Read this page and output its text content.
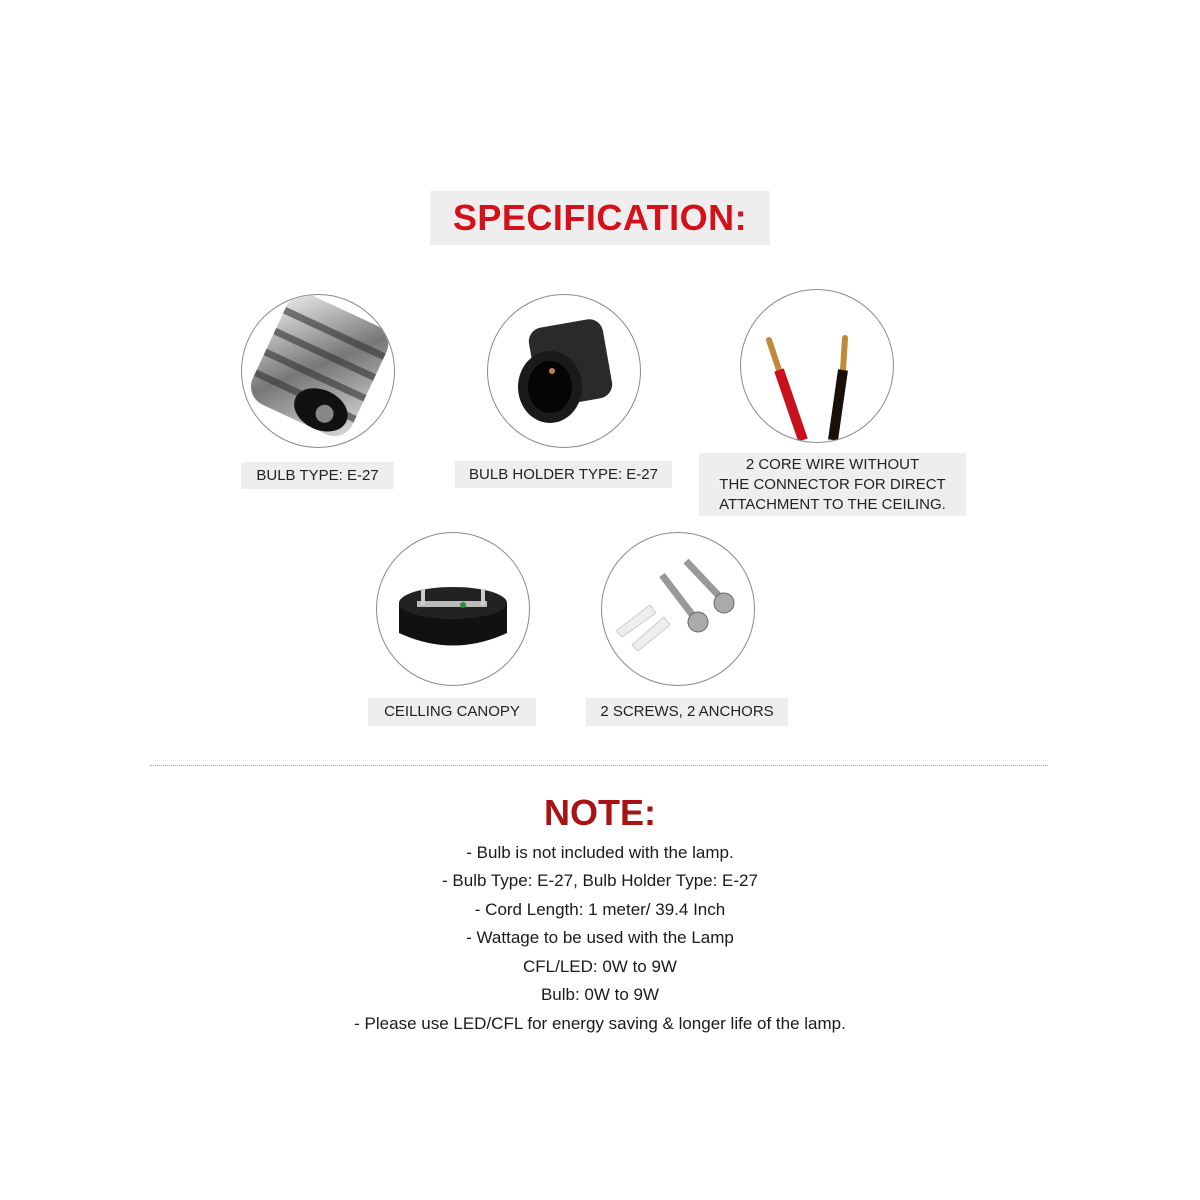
SPECIFICATION:
BULB TYPE: E-27	BULB HOLDER TYPE: E-27
2 CORE WIRE WITHOUT
THE CONNECTOR FOR DIRECT
ATTACHMENT TO THE CEILING.
CEILLING CANOPY	2 SCREWS, 2 ANCHORS
NOTE:
- Bulb is not included with the lamp.
- Bulb Type: E-27, Bulb Holder Type: E-27
- Cord Length: 1 meter/ 39.4 Inch
- Wattage to be used with the Lamp
CFL/LED: 0W to 9W
Bulb: 0W to 9W
- Please use LED/CFL for energy saving & longer life of the lamp.
